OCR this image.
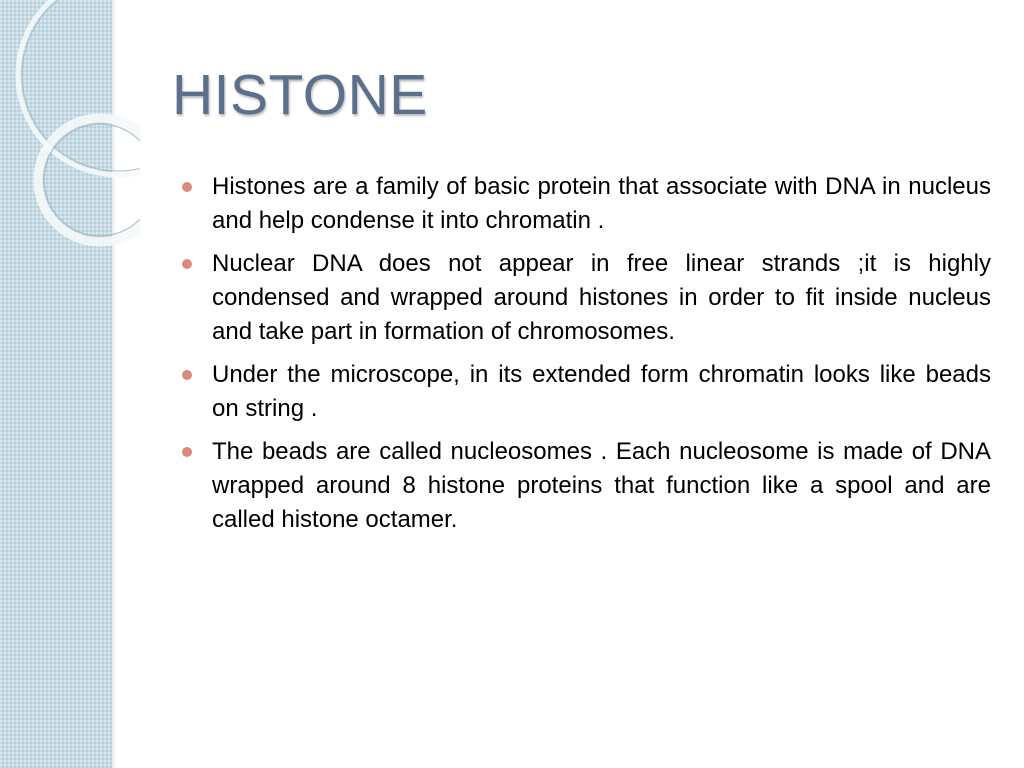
HISTONE
Histones are a family of basic protein that associate with DNA in nucleus and help condense it into chromatin .
Nuclear DNA does not appear in free linear strands ;it is highly condensed and wrapped around histones in order to fit inside nucleus and take part in formation of chromosomes.
Under the microscope, in its extended form chromatin looks like beads on string .
The beads are called nucleosomes . Each nucleosome is made of DNA wrapped around 8 histone proteins that function like a spool and are called histone octamer.
